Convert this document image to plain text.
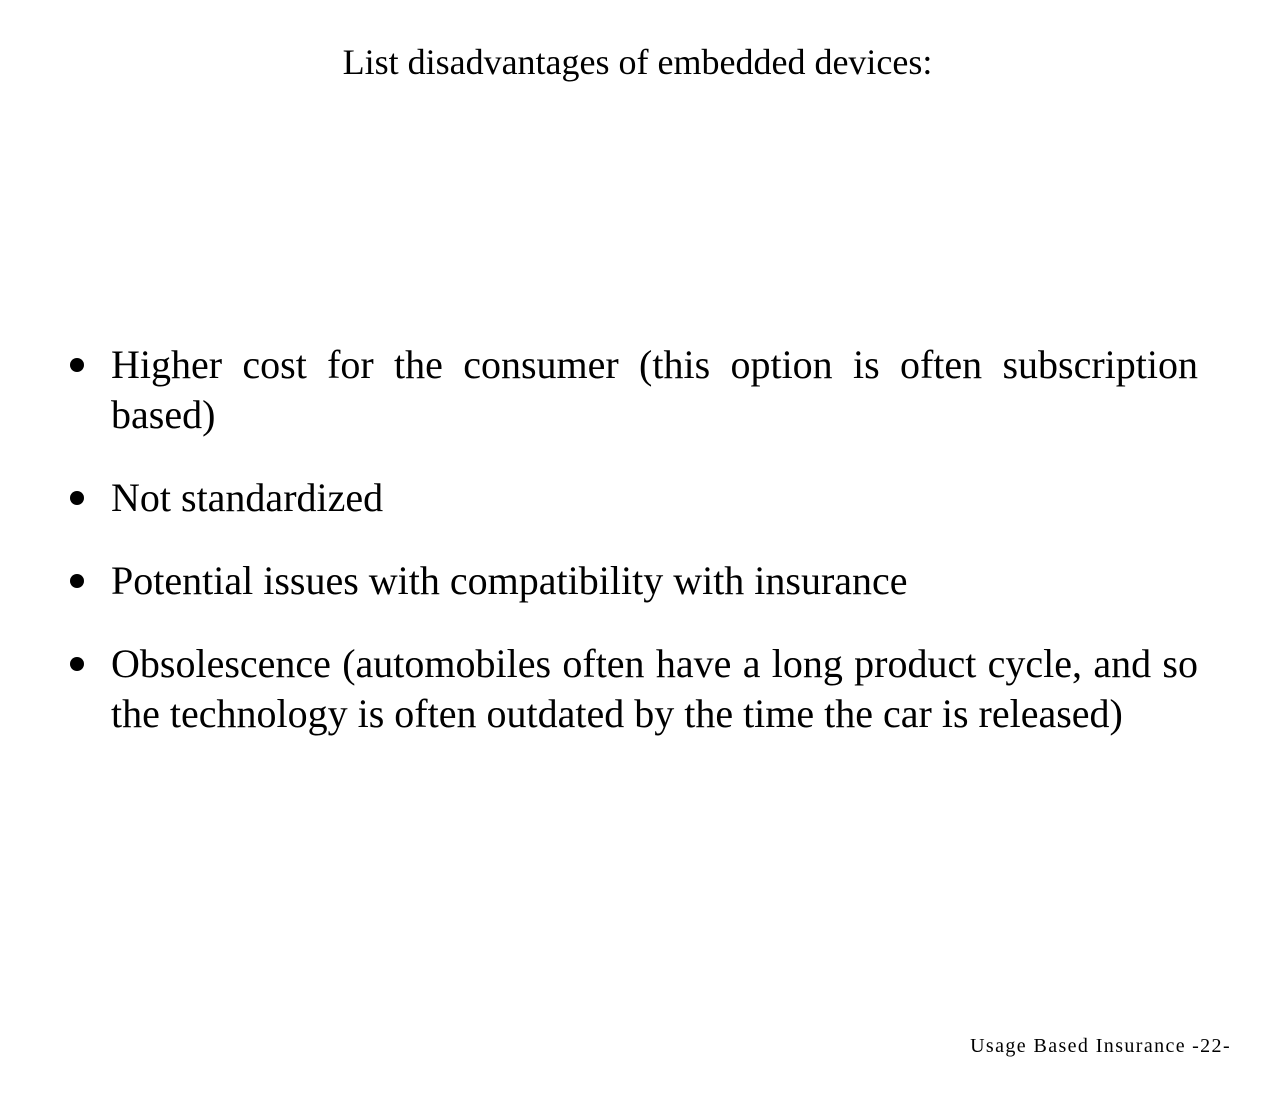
List disadvantages of embedded devices:
Higher cost for the consumer (this option is often subscription based)
Not standardized
Potential issues with compatibility with insurance
Obsolescence (automobiles often have a long product cycle, and so the technology is often outdated by the time the car is released)
Usage Based Insurance -22-
